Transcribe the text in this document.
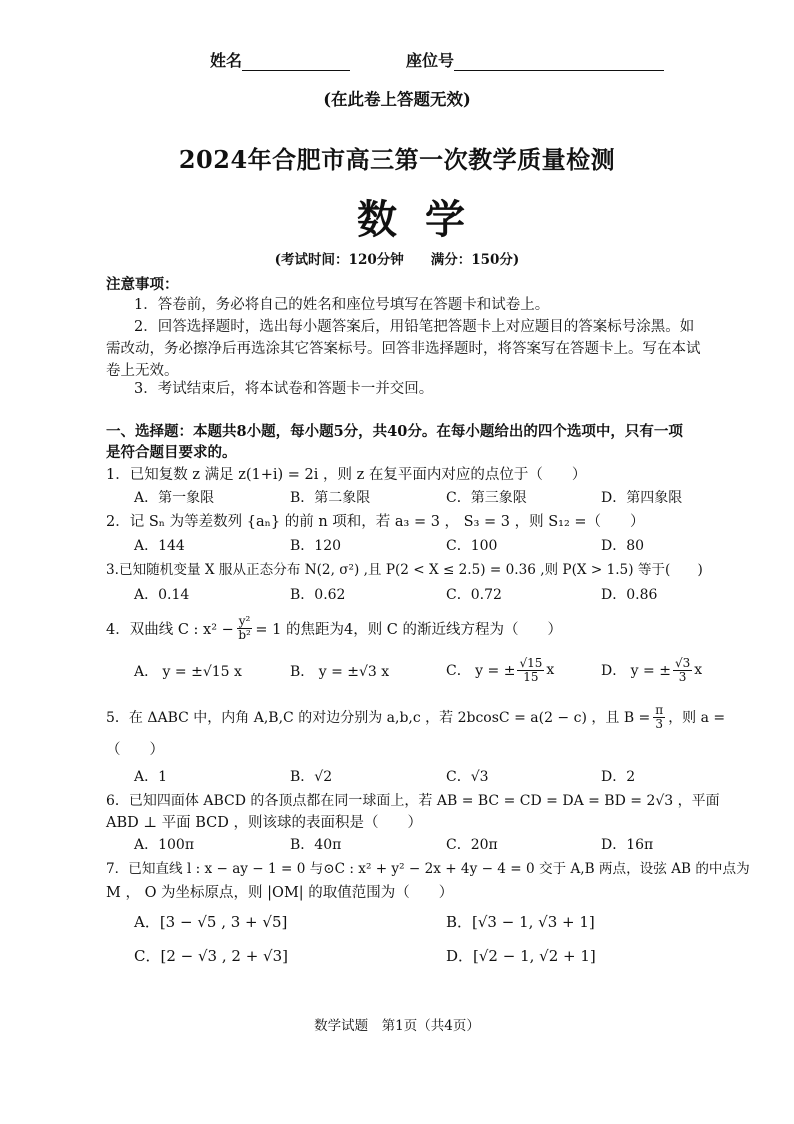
姓名	座位号
(在此卷上答题无效)
2024年合肥市高三第一次教学质量检测
数学
(考试时间：120分钟　　满分：150分)
注意事项：
1．答卷前，务必将自己的姓名和座位号填写在答题卡和试卷上。
2．回答选择题时，选出每小题答案后，用铅笔把答题卡上对应题目的答案标号涂黑。如
需改动，务必擦净后再选涂其它答案标号。回答非选择题时，将答案写在答题卡上。写在本试
卷上无效。
3．考试结束后，将本试卷和答题卡一并交回。
一、选择题：本题共8小题，每小题5分，共40分。在每小题给出的四个选项中，只有一项
是符合题目要求的。
1．已知复数 z 满足 z(1+i) = 2i ，则 z 在复平面内对应的点位于（　　）
A．第一象限	B．第二象限	C．第三象限	D．第四象限
2．记 Sₙ 为等差数列 {aₙ} 的前 n 项和，若 a₃ = 3 ， S₃ = 3 ，则 S₁₂ =（　　）
A．144	B．120	C．100	D．80
3.已知随机变量 X 服从正态分布 N(2, σ²) ,且 P(2 < X ≤ 2.5) = 0.36 ,则 P(X > 1.5) 等于(　　)
A．0.14	B．0.62	C．0.72	D．0.86
4．双曲线 C : $x^2 - \frac{\text{y²}}{\text{b²}} = 1$ 的焦距为4，则 C 的渐近线方程为（　　）
A． y = ±√15 x	B． y = ±√3 x	C． y = ± $\frac{√15}{15}$ x	D． y = ± $\frac{√3}{3}$ x
5．在 ΔABC 中，内角 A,B,C 的对边分别为 a,b,c ，若 2bcosC = a(2 − c) ，且 $B = \frac{\pi}{3}$ ，则 a =
（　　）
A．1	B．√2	C．√3	D．2
6．已知四面体 ABCD 的各顶点都在同一球面上，若 AB = BC = CD = DA = BD = 2√3 ，平面
ABD ⊥ 平面 BCD ，则该球的表面积是（　　）
A．100π	B．40π	C．20π	D．16π
7．已知直线 l : x − ay − 1 = 0 与⊙C : x² + y² − 2x + 4y − 4 = 0 交于 A,B 两点，设弦 AB 的中点为
M ， O 为坐标原点，则 |OM| 的取值范围为（　　）
A．[3 − √5 , 3 + √5]	B．[√3 − 1, √3 + 1]
C．[2 − √3 , 2 + √3]	D．[√2 − 1, √2 + 1]
数学试题　第1页（共4页）
